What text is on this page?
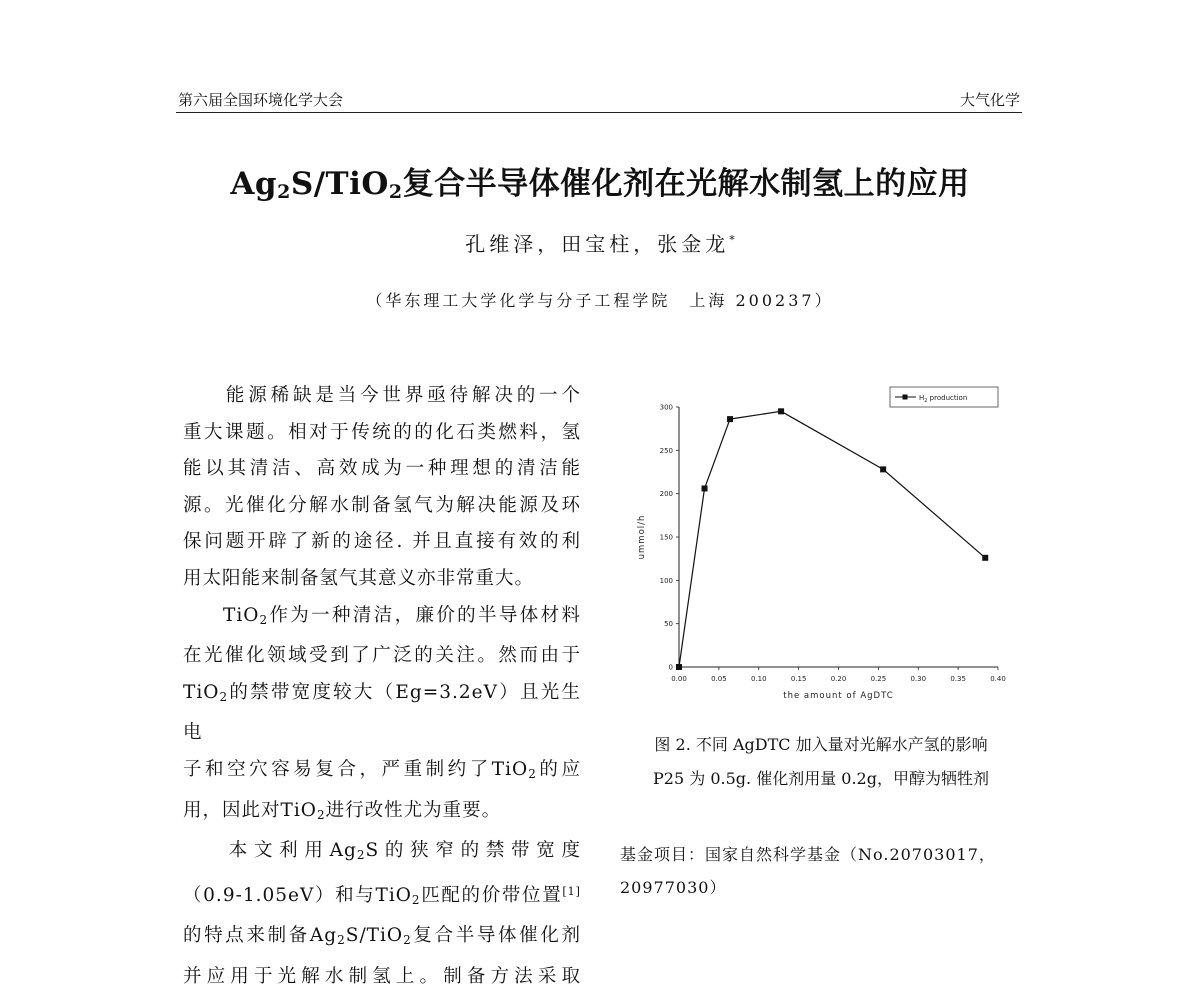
第六届全国环境化学大会	大气化学
$Ag_2S/TiO_2$复合半导体催化剂在光解水制氢上的应用
孔维泽，田宝柱，张金龙*
（华东理工大学化学与分子工程学院　上海 200237）

能源稀缺是当今世界亟待解决的一个

重大课题。相对于传统的的化石类燃料，氢

能以其清洁、高效成为一种理想的清洁能

源。光催化分解水制备氢气为解决能源及环

保问题开辟了新的途径. 并且直接有效的利

用太阳能来制备氢气其意义亦非常重大。

TiO$_2$作为一种清洁，廉价的半导体材料

在光催化领域受到了广泛的关注。然而由于

TiO$_2$的禁带宽度较大（Eg=3.2eV）且光生电

子和空穴容易复合，严重制约了TiO$_2$的应

用，因此对TiO$_2$进行改性尤为重要。

本文利用$Ag_2S$的狭窄的禁带宽度

（0.9-1.05eV）和与TiO$_2$匹配的价带位置[1]

的特点来制备$Ag_2S/TiO_2$复合半导体催化剂

并应用于光解水制氢上。制备方法采取

0.00	0.05	0.10	0.15	0.20	0.25	0.30	0.35	0.40
0
50
100
150
200
250
300
the amount of AgDTC
ummol/h
$H_2$ production
图 2. 不同 AgDTC 加入量对光解水产氢的影响
P25 为 0.5g. 催化剂用量 0.2g，甲醇为牺牲剂
基金项目：国家自然科学基金（No.20703017，
20977030）
